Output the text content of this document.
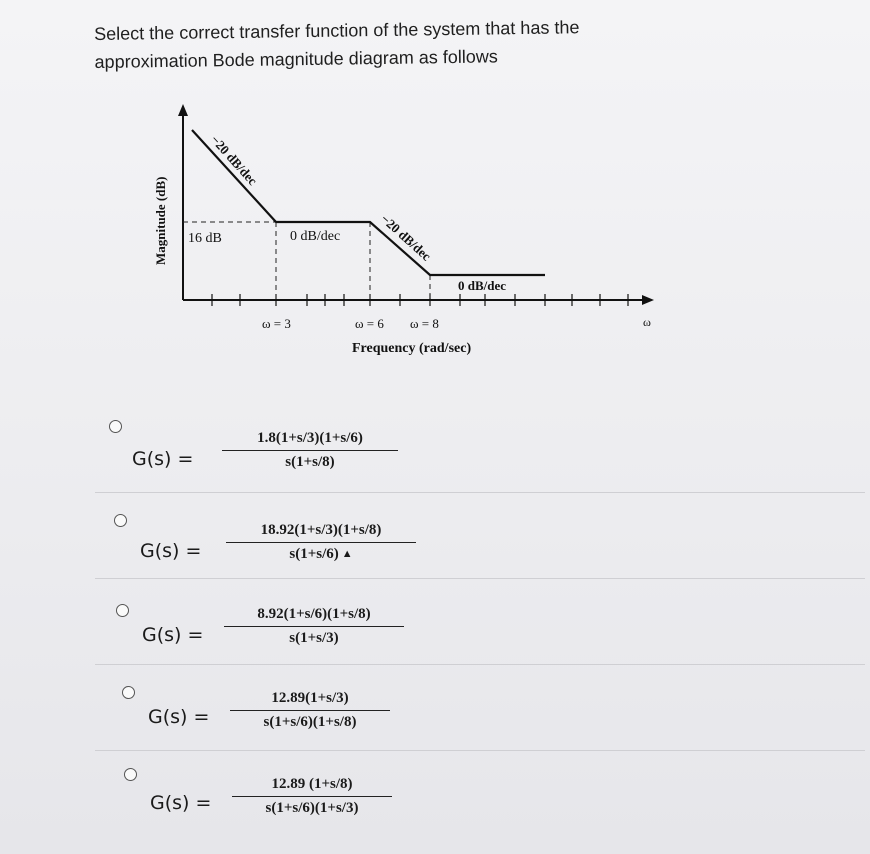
Select the correct transfer function of the system that has the
approximation Bode magnitude diagram as follows
Magnitude (dB) 16 dB
−20 dB/dec
0 dB/dec	−20 dB/dec
0 dB/dec
ω = 3	ω = 6 ω = 8
Frequency (rad/sec)
ω
$G(s) = \frac{1.8(1+s/3)(1+s/6)}{s(1+s/8)}$
$G(s) = \frac{18.92(1+s/3)(1+s/8)}{s(1+s/6) ▲}$
$G(s) = \frac{8.92(1+s/6)(1+s/8)}{s(1+s/3)}$
$G(s) = \frac{12.89(1+s/3)}{s(1+s/6)(1+s/8)}$
$G(s) = \frac{12.89 (1+s/8)}{s(1+s/6)(1+s/3)}$
